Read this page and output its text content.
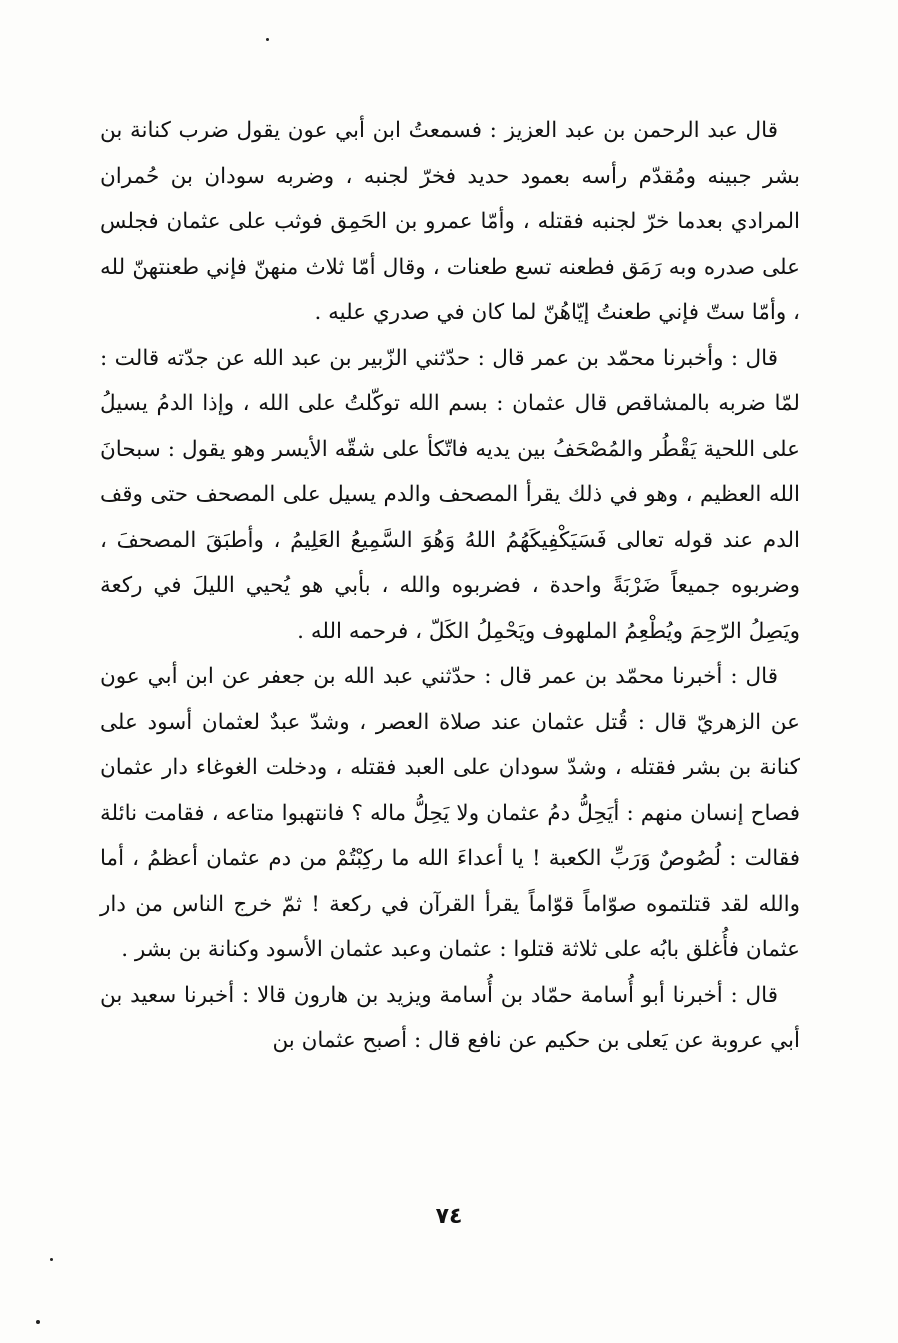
قال عبد الرحمن بن عبد العزيز : فسمعتُ ابن أبي عون يقول ضرب كنانة بن بشر جبينه ومُقدّم رأسه بعمود حديد فخرّ لجنبه ، وضربه سودان بن حُمران المرادي بعدما خرّ لجنبه فقتله ، وأمّا عمرو بن الحَمِق فوثب على عثمان فجلس على صدره وبه رَمَق فطعنه تسع طعنات ، وقال أمّا ثلاث منهنّ فإني طعنتهنّ لله ، وأمّا ستّ فإني طعنتُ إيّاهُنّ لما كان في صدري عليه .

قال : وأخبرنا محمّد بن عمر قال : حدّثني الزّبير بن عبد الله عن جدّته قالت : لمّا ضربه بالمشاقص قال عثمان : بسم الله توكّلتُ على الله ، وإذا الدمُ يسيلُ على اللحية يَقْطُر والمُصْحَفُ بين يديه فاتّكأ على شقّه الأيسر وهو يقول : سبحانَ الله العظيم ، وهو في ذلك يقرأ المصحف والدم يسيل على المصحف حتى وقف الدم عند قوله تعالى فَسَيَكْفِيكَهُمُ اللهُ وَهُوَ السَّمِيعُ العَلِيمُ ، وأطبَقَ المصحفَ ، وضربوه جميعاً ضَرْبَةً واحدة ، فضربوه والله ، بأبي هو يُحيي الليلَ في ركعة ويَصِلُ الرّحِمَ ويُطْعِمُ الملهوف ويَحْمِلُ الكَلّ ، فرحمه الله .

قال : أخبرنا محمّد بن عمر قال : حدّثني عبد الله بن جعفر عن ابن أبي عون عن الزهريّ قال : قُتل عثمان عند صلاة العصر ، وشدّ عبدٌ لعثمان أسود على كنانة بن بشر فقتله ، وشدّ سودان على العبد فقتله ، ودخلت الغوغاء دار عثمان فصاح إنسان منهم : أيَحِلُّ دمُ عثمان ولا يَحِلُّ ماله ؟ فانتهبوا متاعه ، فقامت نائلة فقالت : لُصُوصٌ وَرَبِّ الكعبة ! يا أعداءَ الله ما ركِبْتُمْ من دم عثمان أعظمُ ، أما والله لقد قتلتموه صوّاماً قوّاماً يقرأ القرآن في ركعة ! ثمّ خرج الناس من دار عثمان فأُغلق بابُه على ثلاثة قتلوا : عثمان وعبد عثمان الأسود وكنانة بن بشر .

قال : أخبرنا أبو أُسامة حمّاد بن أُسامة ويزيد بن هارون قالا : أخبرنا سعيد بن أبي عروبة عن يَعلى بن حكيم عن نافع قال : أصبح عثمان بن

٧٤
